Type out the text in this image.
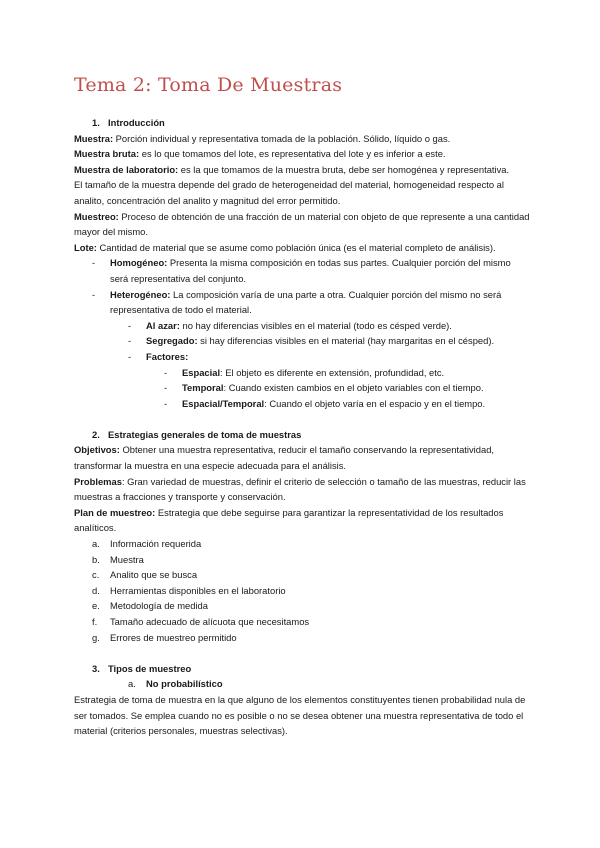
Tema 2: Toma De Muestras
1. Introducción

Muestra: Porción individual y representativa tomada de la población. Sólido, líquido o gas.

Muestra bruta: es lo que tomamos del lote, es representativa del lote y es inferior a este.

Muestra de laboratorio: es la que tomamos de la muestra bruta, debe ser homogénea y representativa.

El tamaño de la muestra depende del grado de heterogeneidad del material, homogeneidad respecto al analito, concentración del analito y magnitud del error permitido.

Muestreo: Proceso de obtención de una fracción de un material con objeto de que represente a una cantidad mayor del mismo.

Lote: Cantidad de material que se asume como población única (es el material completo de análisis).

- Homogéneo: Presenta la misma composición en todas sus partes. Cualquier porción del mismo será representativa del conjunto.
- Heterogéneo: La composición varía de una parte a otra. Cualquier porción del mismo no será representativa de todo el material.
- Al azar: no hay diferencias visibles en el material (todo es césped verde).
- Segregado: si hay diferencias visibles en el material (hay margaritas en el césped).
- Factores:
- Espacial: El objeto es diferente en extensión, profundidad, etc.
- Temporal: Cuando existen cambios en el objeto variables con el tiempo.
- Espacial/Temporal: Cuando el objeto varía en el espacio y en el tiempo.
2. Estrategias generales de toma de muestras

Objetivos: Obtener una muestra representativa, reducir el tamaño conservando la representatividad, transformar la muestra en una especie adecuada para el análisis.

Problemas: Gran variedad de muestras, definir el criterio de selección o tamaño de las muestras, reducir las muestras a fracciones y transporte y conservación.

Plan de muestreo: Estrategia que debe seguirse para garantizar la representatividad de los resultados analíticos.

a. Información requerida
b. Muestra
c. Analito que se busca
d. Herramientas disponibles en el laboratorio
e. Metodología de medida
f. Tamaño adecuado de alícuota que necesitamos
g. Errores de muestreo permitido
3. Tipos de muestreo
a. No probabilístico

Estrategia de toma de muestra en la que alguno de los elementos constituyentes tienen probabilidad nula de ser tomados. Se emplea cuando no es posible o no se desea obtener una muestra representativa de todo el material (criterios personales, muestras selectivas).
